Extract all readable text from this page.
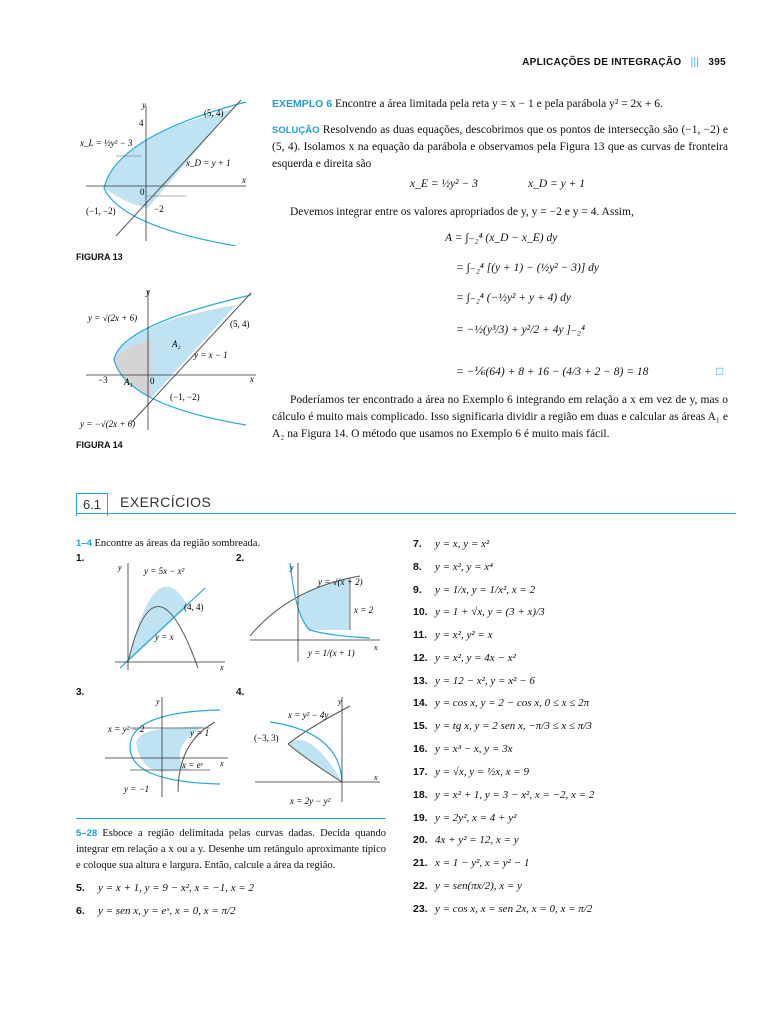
APLICAÇÕES DE INTEGRAÇÃO ||| 395
y
x
4
0
(5, 4)
(−1, −2)	−2
x_L = ½y² − 3
x_D = y + 1
FIGURA 13
y
x
y = √(2x + 6)
y = −√(2x + 6)
y = x − 1
(5, 4)
(−1, −2)
A₂
A₁
−3	0
FIGURA 14
EXEMPLO 6 Encontre a área limitada pela reta y = x − 1 e pela parábola y² = 2x + 6.
SOLUÇÃO Resolvendo as duas equações, descobrimos que os pontos de intersecção são (−1, −2) e (5, 4). Isolamos x na equação da parábola e observamos pela Figura 13 que as curvas de fronteira esquerda e direita são
x_E = ½y² − 3	x_D = y + 1
Devemos integrar entre os valores apropriados de y, y = −2 e y = 4. Assim,
A = ∫₋₂⁴ (x_D − x_E) dy
= ∫₋₂⁴ [(y + 1) − (½y² − 3)] dy
= ∫₋₂⁴ (−½y² + y + 4) dy
= −½(y³/3) + y²/2 + 4y ]₋₂⁴
= −⅙(64) + 8 + 16 − (4/3 + 2 − 8) = 18	□
Poderíamos ter encontrado a área no Exemplo 6 integrando em relação a x em vez de y, mas o cálculo é muito mais complicado. Isso significaria dividir a região em duas e calcular as áreas A₁ e A₂ na Figura 14. O método que usamos no Exemplo 6 é muito mais fácil.
6.1	EXERCÍCIOS
1–4 Encontre as áreas da região sombreada.
1.
y
x
y = 5x − x²
y = x
(4, 4)
2.
y
x
y = √(x + 2)
x = 2
y = 1/(x + 1)
3.
y
x
x = y² − 2	y = 1
x = eʸ
y = −1
4.
y
x
x = y² − 4y
(−3, 3)
x = 2y − y²
5–28 Esboce a região delimitada pelas curvas dadas. Decida quando integrar em relação a x ou a y. Desenhe um retângulo aproximante típico e coloque sua altura e largura. Então, calcule a área da região.
5. y = x + 1, y = 9 − x², x = −1, x = 2
6. y = sen x, y = eˣ, x = 0, x = π/2
7. y = x, y = x²
8. y = x², y = x⁴
9. y = 1/x, y = 1/x², x = 2
10. y = 1 + √x, y = (3 + x)/3
11. y = x², y² = x
12. y = x², y = 4x − x²
13. y = 12 − x², y = x² − 6
14. y = cos x, y = 2 − cos x, 0 ≤ x ≤ 2π
15. y = tg x, y = 2 sen x, −π/3 ≤ x ≤ π/3
16. y = x³ − x, y = 3x
17. y = √x, y = ½x, x = 9
18. y = x² + 1, y = 3 − x², x = −2, x = 2
19. y = 2y², x = 4 + y²
20. 4x + y² = 12, x = y
21. x = 1 − y², x = y² − 1
22. y = sen(πx/2), x = y
23. y = cos x, x = sen 2x, x = 0, x = π/2
